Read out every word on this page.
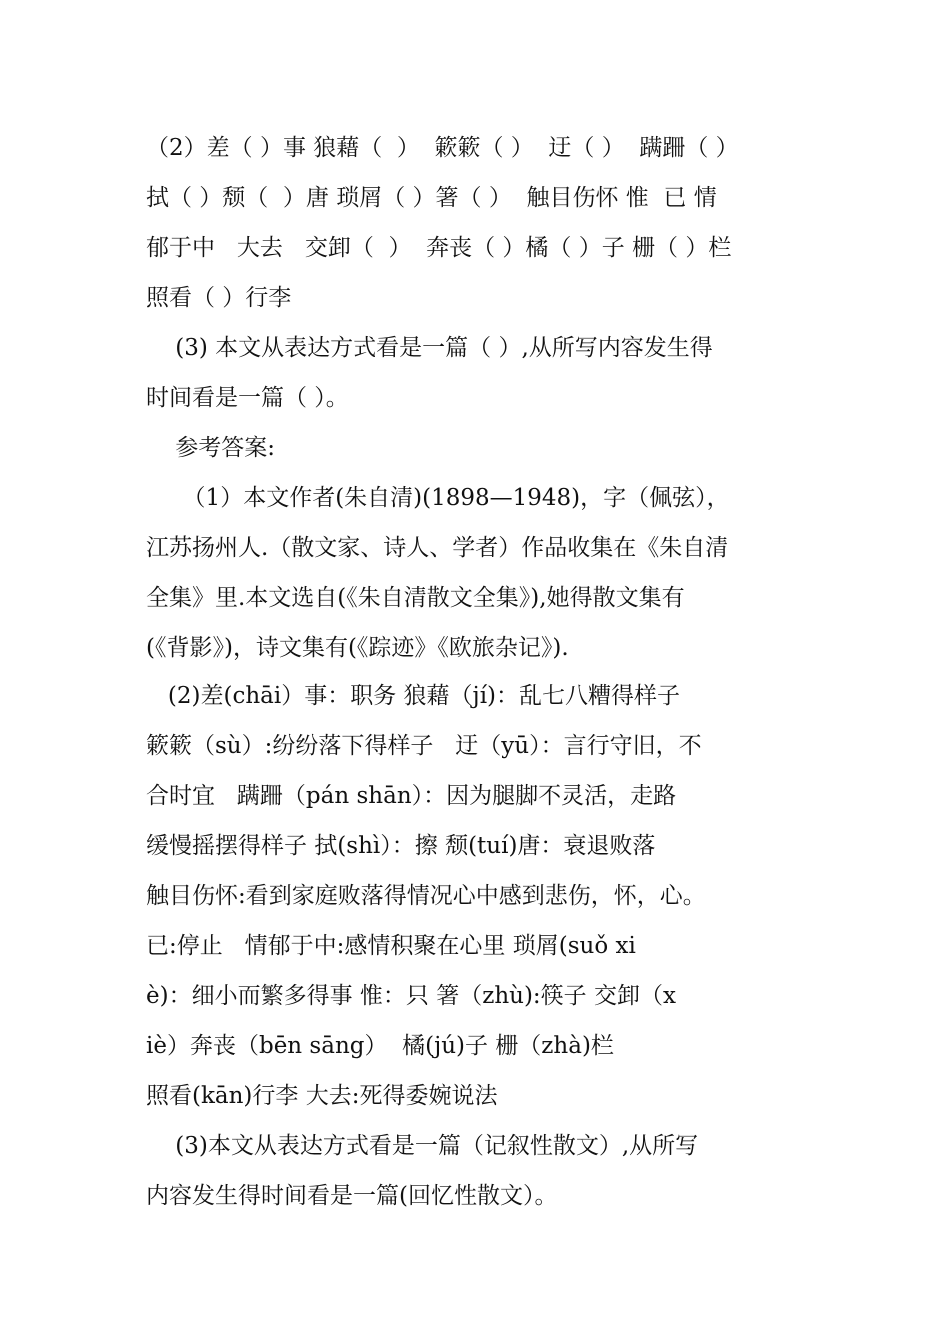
（2）差（ ）事 狼藉（  ）  簌簌（ ）  迂（ ）  蹒跚（ ）
拭（ ）颓（  ）唐 琐屑（ ）箸（ ）  触目伤怀 惟  已 情
郁于中   大去   交卸（  ）  奔丧（ ）橘（ ）子 栅（ ）栏
照看（ ）行李
(3) 本文从表达方式看是一篇（ ）,从所写内容发生得
时间看是一篇（ ）。
参考答案:
（1）本文作者(朱自清)(1898—1948)，字（佩弦），
江苏扬州人.（散文家、诗人、学者）作品收集在《朱自清
全集》里.本文选自(《朱自清散文全集》),她得散文集有
(《背影》)，诗文集有(《踪迹》《欧旅杂记》).
(2)差(chāi）事：职务 狼藉（jí)：乱七八糟得样子
簌簌（sù）:纷纷落下得样子   迂（yū）：言行守旧，不
合时宜   蹒跚（pán shān）：因为腿脚不灵活，走路
缓慢摇摆得样子 拭(shì）：擦 颓(tuí)唐：衰退败落
触目伤怀:看到家庭败落得情况心中感到悲伤，怀，心。
已:停止   情郁于中:感情积聚在心里 琐屑(suǒ xi
è)：细小而繁多得事 惟：只 箸（zhù):筷子 交卸（x
iè）奔丧（bēn sāng）  橘(jú)子 栅（zhà)栏
照看(kān)行李 大去:死得委婉说法
(3)本文从表达方式看是一篇（记叙性散文）,从所写
内容发生得时间看是一篇(回忆性散文）。
